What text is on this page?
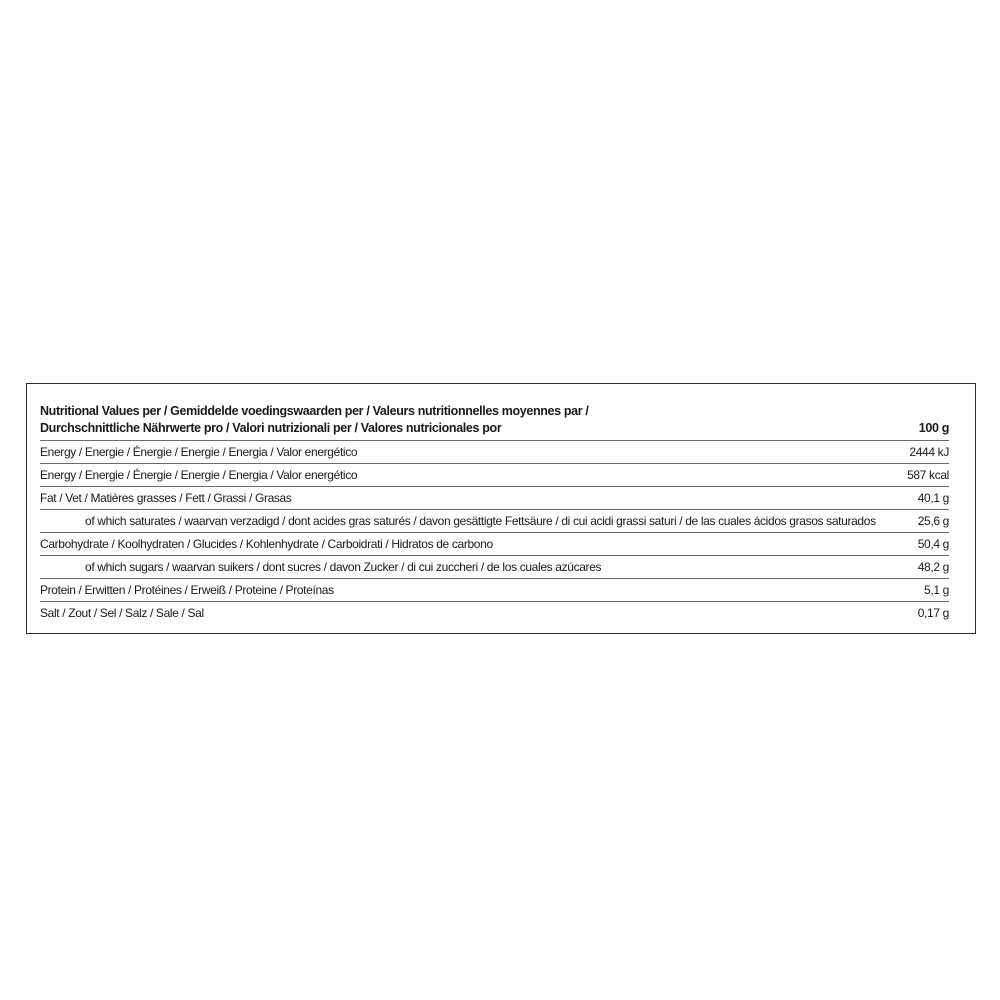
Nutritional Values per / Gemiddelde voedingswaarden per / Valeurs nutritionnelles moyennes par /
Durchschnittliche Nährwerte pro / Valori nutrizionali per / Valores nutricionales por	100 g
Energy / Energie / Énergie / Energie / Energia / Valor energético	2444 kJ
Energy / Energie / Énergie / Energie / Energia / Valor energético	587 kcal
Fat / Vet / Matières grasses / Fett / Grassi / Grasas	40,1 g
of which saturates / waarvan verzadigd / dont acides gras saturés / davon gesättigte Fettsäure / di cui acidi grassi saturi / de las cuales ácidos grasos saturados	25,6 g
Carbohydrate / Koolhydraten / Glucides / Kohlenhydrate / Carboidrati / Hidratos de carbono	50,4 g
of which sugars / waarvan suikers / dont sucres / davon Zucker / di cui zuccheri / de los cuales azúcares	48,2 g
Protein / Erwitten / Protéines / Erweiß / Proteine / Proteínas	5,1 g
Salt / Zout / Sel / Salz / Sale / Sal	0,17 g
